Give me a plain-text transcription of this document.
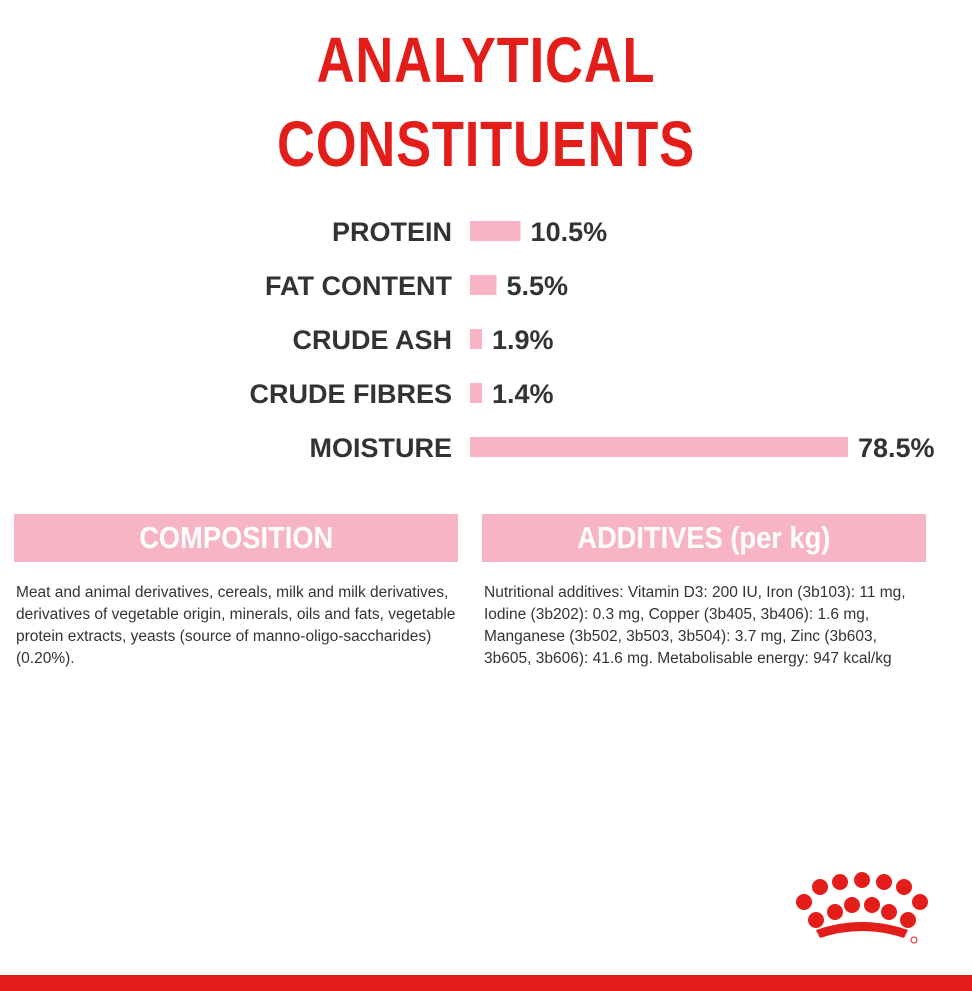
ANALYTICAL
CONSTITUENTS
PROTEIN	10.5%
FAT CONTENT 5.5%
CRUDE ASH 1.9%
CRUDE FIBRES 1.4%
MOISTURE	78.5%
COMPOSITION
Meat and animal derivatives, cereals, milk and milk derivatives, derivatives of vegetable origin, minerals, oils and fats, vegetable protein extracts, yeasts (source of manno-oligo-saccharides) (0.20%).
ADDITIVES (per kg)
Nutritional additives: Vitamin D3: 200 IU, Iron (3b103): 11 mg, Iodine (3b202): 0.3 mg, Copper (3b405, 3b406): 1.6 mg, Manganese (3b502, 3b503, 3b504): 3.7 mg, Zinc (3b603, 3b605, 3b606): 41.6 mg. Metabolisable energy: 947 kcal/kg
